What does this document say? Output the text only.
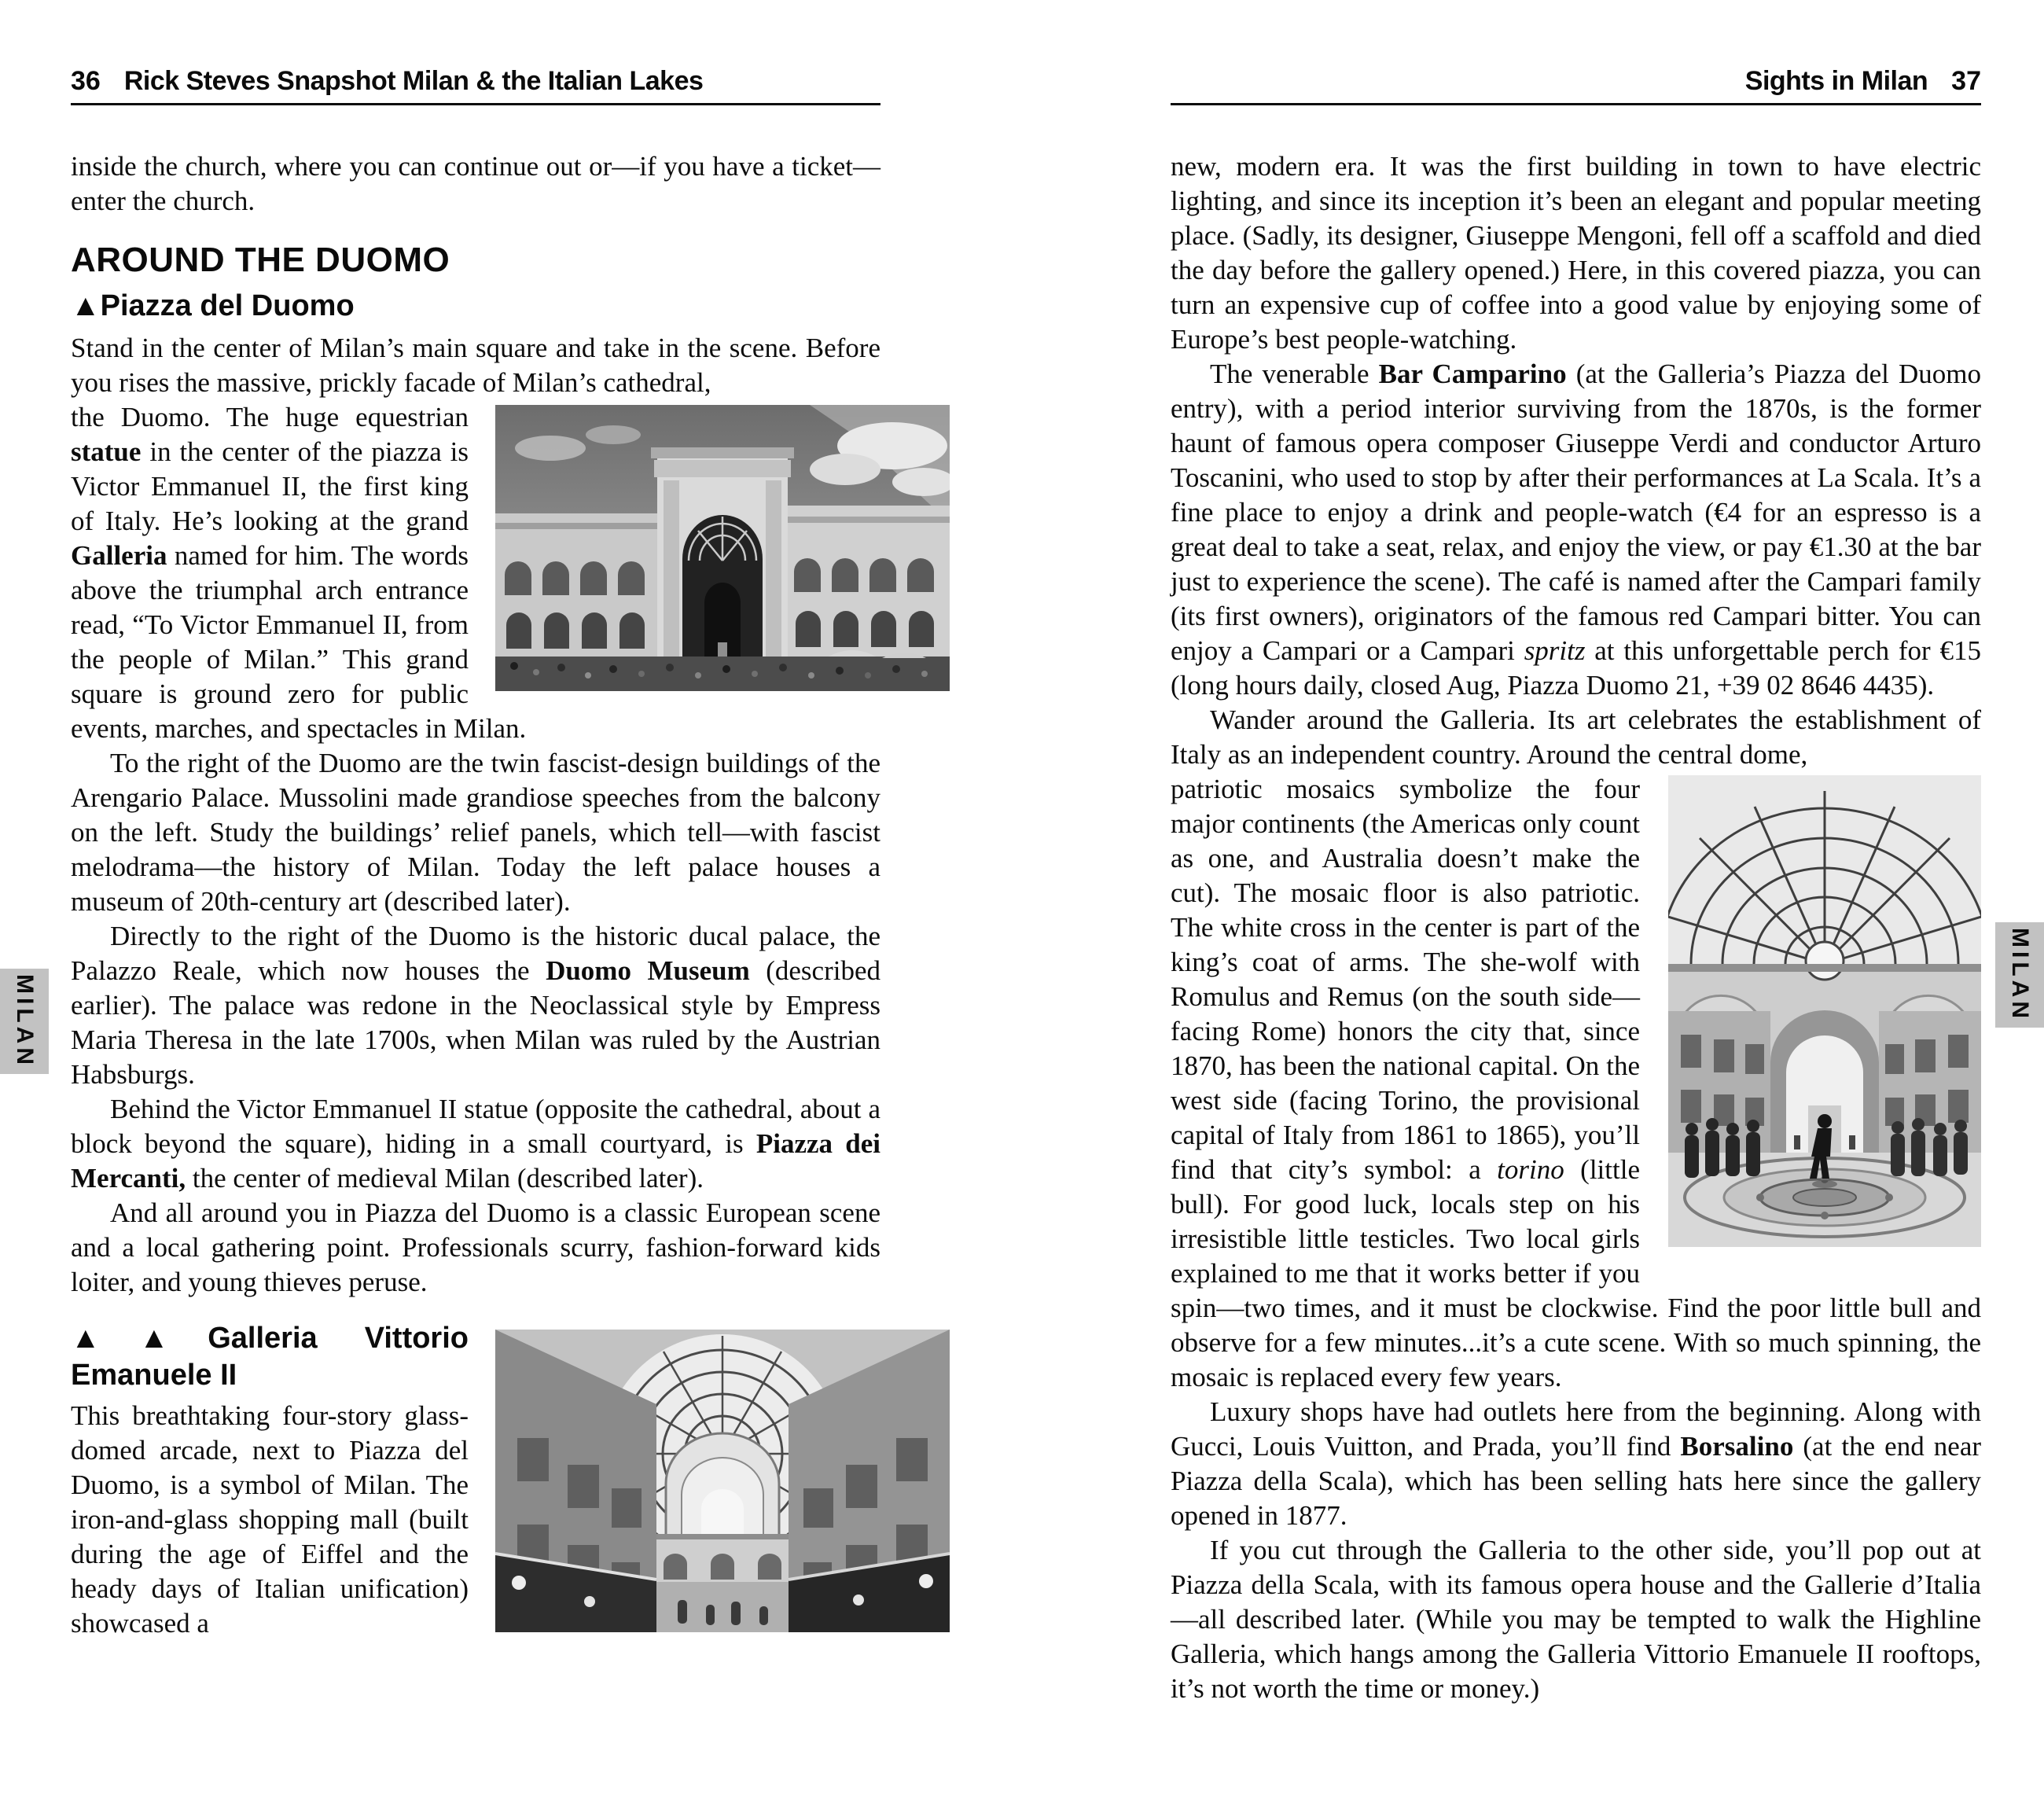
36 Rick Steves Snapshot Milan & the Italian Lakes	Sights in Milan 37

inside the church, where you can continue out or—if you have a ticket—enter the church.

AROUND THE DUOMO
▲Piazza del Duomo

Stand in the center of Milan’s main square and take in the scene. Before you rises the massive, prickly facade of Milan’s cathedral,

the Duomo. The huge equestrian statue in the center of the piazza is Victor Emmanuel II, the first king of Italy. He’s looking at the grand Galleria named for him. The words above the triumphal arch entrance read, “To Victor Emmanuel II, from the people of Milan.” This grand square is ground zero for public events, marches, and spectacles in Milan.

To the right of the Duomo are the twin fascist-design buildings of the Arengario Palace. Mussolini made grandiose speeches from the balcony on the left. Study the buildings’ relief panels, which tell—with fascist melodrama—the history of Milan. Today the left palace houses a museum of 20th-century art (described later).

Directly to the right of the Duomo is the historic ducal palace, the Palazzo Reale, which now houses the Duomo Museum (described earlier). The palace was redone in the Neoclassical style by Empress Maria Theresa in the late 1700s, when Milan was ruled by the Austrian Habsburgs.

Behind the Victor Emmanuel II statue (opposite the cathedral, about a block beyond the square), hiding in a small courtyard, is Piazza dei Mercanti, the center of medieval Milan (described later).

And all around you in Piazza del Duomo is a classic European scene and a local gathering point. Professionals scurry, fashion-forward kids loiter, and young thieves peruse.

▲▲Galleria Vittorio Emanuele II

This breathtaking four-story glass-domed arcade, next to Piazza del Duomo, is a symbol of Milan. The iron-and-glass shopping mall (built during the age of Eiffel and the heady days of Italian unification) showcased a

new, modern era. It was the first building in town to have electric lighting, and since its inception it’s been an elegant and popular meeting place. (Sadly, its designer, Giuseppe Mengoni, fell off a scaffold and died the day before the gallery opened.) Here, in this covered piazza, you can turn an expensive cup of coffee into a good value by enjoying some of Europe’s best people-watching.

The venerable Bar Camparino (at the Galleria’s Piazza del Duomo entry), with a period interior surviving from the 1870s, is the former haunt of famous opera composer Giuseppe Verdi and conductor Arturo Toscanini, who used to stop by after their performances at La Scala. It’s a fine place to enjoy a drink and people-watch (€4 for an espresso is a great deal to take a seat, relax, and enjoy the view, or pay €1.30 at the bar just to experience the scene). The café is named after the Campari family (its first owners), originators of the famous red Campari bitter. You can enjoy a Campari or a Campari spritz at this unforgettable perch for €15 (long hours daily, closed Aug, Piazza Duomo 21, +39 02 8646 4435).

Wander around the Galleria. Its art celebrates the establishment of Italy as an independent country. Around the central dome,

patriotic mosaics symbolize the four major continents (the Americas only count as one, and Australia doesn’t make the cut). The mosaic floor is also patriotic. The white cross in the center is part of the king’s coat of arms. The she-wolf with Romulus and Remus (on the south side—facing Rome) honors the city that, since 1870, has been the national capital. On the west side (facing Torino, the provisional capital of Italy from 1861 to 1865), you’ll find that city’s symbol: a torino (little bull). For good luck, locals step on his irresistible little testicles. Two local girls explained to me that it works better if you spin—two times, and it must be clockwise. Find the poor little bull and observe for a few minutes...it’s a cute scene. With so much spinning, the mosaic is replaced every few years.

Luxury shops have had outlets here from the beginning. Along with Gucci, Louis Vuitton, and Prada, you’ll find Borsalino (at the end near Piazza della Scala), which has been selling hats here since the gallery opened in 1877.

If you cut through the Galleria to the other side, you’ll pop out at Piazza della Scala, with its famous opera house and the Gallerie d’Italia—all described later. (While you may be tempted to walk the Highline Galleria, which hangs among the Galleria Vittorio Emanuele II rooftops, it’s not worth the time or money.)

MILAN	MILAN
